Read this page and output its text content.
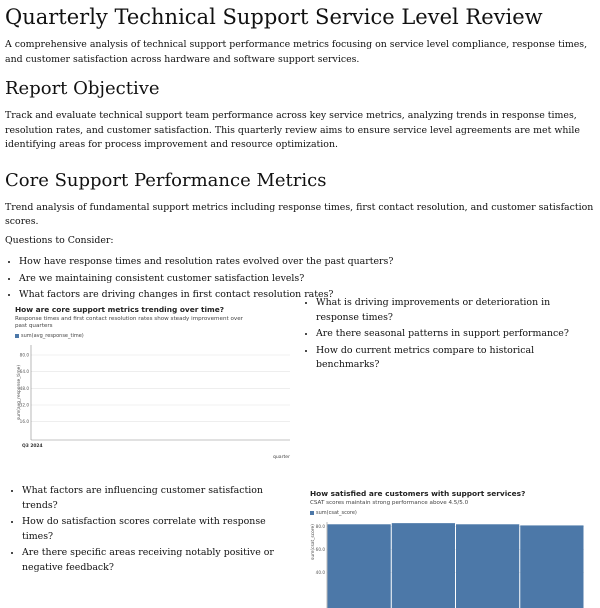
Quarterly Technical Support Service Level Review

A comprehensive analysis of technical support performance metrics focusing on service level compliance, response times, and customer satisfaction across hardware and software support services.

Report Objective

Track and evaluate technical support team performance across key service metrics, analyzing trends in response times, resolution rates, and customer satisfaction. This quarterly review aims to ensure service level agreements are met while identifying areas for process improvement and resource optimization.

Core Support Performance Metrics

Trend analysis of fundamental support metrics including response times, first contact resolution, and customer satisfaction scores.

Questions to Consider:

• How have response times and resolution rates evolved over the past quarters?
• Are we maintaining consistent customer satisfaction levels?
• What factors are driving changes in first contact resolution rates?
How are core support metrics trending over time?
Response times and first contact resolution rates show steady improvement over past quarters
sum(avg_response_time)
80.0
64.0
48.0
32.0
16.0
Q3 2024
sum(avg_response_time)
quarter
• What is driving improvements or deterioration in response times?
• Are there seasonal patterns in support performance?
• How do current metrics compare to historical benchmarks?
• What factors are influencing customer satisfaction trends?
• How do satisfaction scores correlate with response times?
• Are there specific areas receiving notably positive or negative feedback?
How satisfied are customers with support services?
CSAT scores maintain strong performance above 4.5/5.0
sum(csat_score)
80.0
60.0
40.0
sum(csat_score)
